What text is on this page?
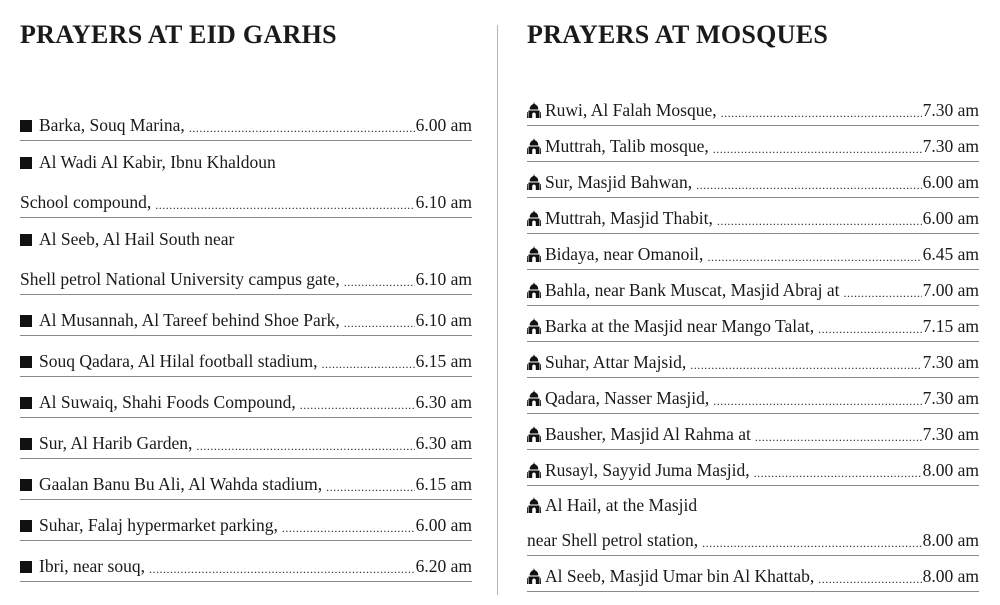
PRAYERS AT EID GARHS
Barka, Souq Marina, .....	6.00 am
Al Wadi Al Kabir, Ibnu Khaldoun
School compound, .....	6.10 am
Al Seeb, Al Hail South near
Shell petrol National University campus gate, .....	6.10 am
Al Musannah, Al Tareef behind Shoe Park, .....	6.10 am
Souq Qadara, Al Hilal football stadium, .....	6.15 am
Al Suwaiq, Shahi Foods Compound, .....	6.30 am
Sur, Al Harib Garden, .....	6.30 am
Gaalan Banu Bu Ali, Al Wahda stadium, .....	6.15 am
Suhar, Falaj hypermarket parking, .....	6.00 am
Ibri, near souq, .....	6.20 am
PRAYERS AT MOSQUES
Ruwi, Al Falah Mosque, .....	7.30 am
Muttrah, Talib mosque, .....	7.30 am
Sur, Masjid Bahwan, .....	6.00 am
Muttrah, Masjid Thabit, .....	6.00 am
Bidaya, near Omanoil, .....	6.45 am
Bahla, near Bank Muscat, Masjid Abraj at .....	7.00 am
Barka at the Masjid near Mango Talat, .....	7.15 am
Suhar, Attar Majsid, .....	7.30 am
Qadara, Nasser Masjid, .....	7.30 am
Bausher, Masjid Al Rahma at .....	7.30 am
Rusayl, Sayyid Juma Masjid, .....	8.00 am
Al Hail, at the Masjid
near Shell petrol station, .....	8.00 am
Al Seeb, Masjid Umar bin Al Khattab, .....	8.00 am
